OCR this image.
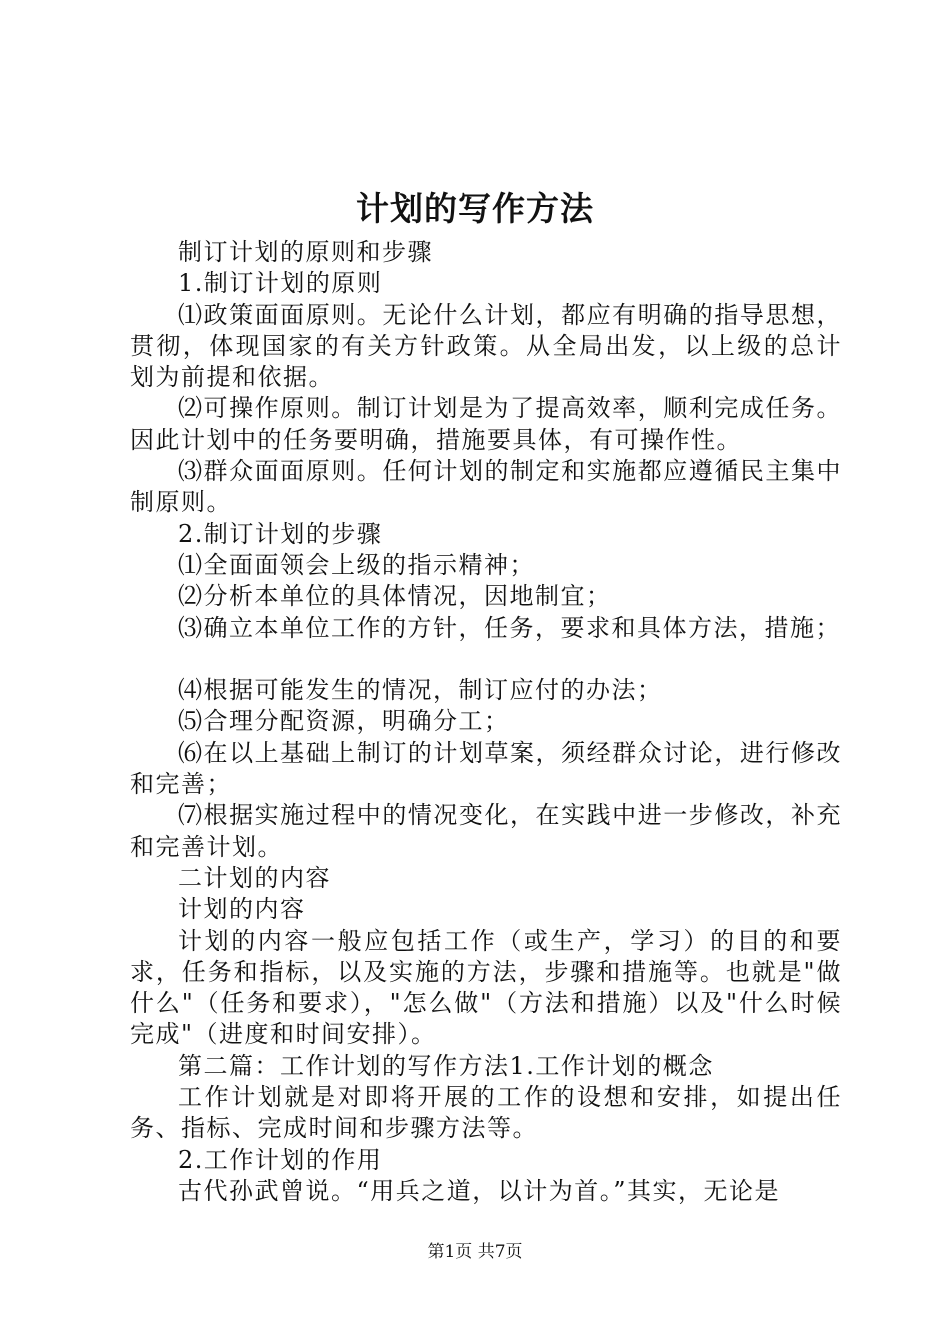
计划的写作方法

制订计划的原则和步骤

1.制订计划的原则

⑴政策面面原则。无论什么计划，都应有明确的指导思想，贯彻，体现国家的有关方针政策。从全局出发，以上级的总计划为前提和依据。

⑵可操作原则。制订计划是为了提高效率，顺利完成任务。因此计划中的任务要明确，措施要具体，有可操作性。

⑶群众面面原则。任何计划的制定和实施都应遵循民主集中制原则。

2.制订计划的步骤

⑴全面面领会上级的指示精神；

⑵分析本单位的具体情况，因地制宜；

⑶确立本单位工作的方针，任务，要求和具体方法，措施；

⑷根据可能发生的情况，制订应付的办法；

⑸合理分配资源，明确分工；

⑹在以上基础上制订的计划草案，须经群众讨论，进行修改和完善；

⑺根据实施过程中的情况变化，在实践中进一步修改，补充和完善计划。

二计划的内容

计划的内容

计划的内容一般应包括工作（或生产，学习）的目的和要求，任务和指标，以及实施的方法，步骤和措施等。也就是"做什么"（任务和要求），"怎么做"（方法和措施）以及"什么时候完成"（进度和时间安排）。

第二篇：工作计划的写作方法1.工作计划的概念

工作计划就是对即将开展的工作的设想和安排，如提出任务、指标、完成时间和步骤方法等。

2.工作计划的作用

古代孙武曾说。“用兵之道，以计为首。”其实，无论是

第1页 共7页
